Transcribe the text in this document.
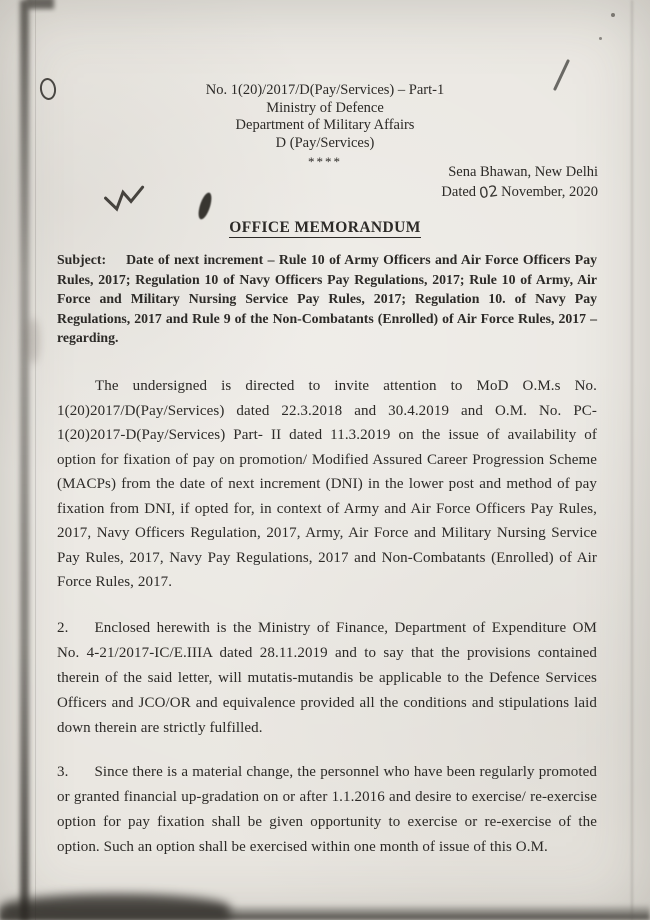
No. 1(20)/2017/D(Pay/Services) – Part-1
Ministry of Defence
Department of Military Affairs
D (Pay/Services)
****
Sena Bhawan, New Delhi
Dated 02 November, 2020
OFFICE MEMORANDUM

Subject: Date of next increment – Rule 10 of Army Officers and Air Force Officers Pay Rules, 2017; Regulation 10 of Navy Officers Pay Regulations, 2017; Rule 10 of Army, Air Force and Military Nursing Service Pay Rules, 2017; Regulation 10. of Navy Pay Regulations, 2017 and Rule 9 of the Non-Combatants (Enrolled) of Air Force Rules, 2017 – regarding.

The undersigned is directed to invite attention to MoD O.M.s No. 1(20)2017/D(Pay/Services) dated 22.3.2018 and 30.4.2019 and O.M. No. PC-1(20)2017-D(Pay/Services) Part- II dated 11.3.2019 on the issue of availability of option for fixation of pay on promotion/ Modified Assured Career Progression Scheme (MACPs) from the date of next increment (DNI) in the lower post and method of pay fixation from DNI, if opted for, in context of Army and Air Force Officers Pay Rules, 2017, Navy Officers Regulation, 2017, Army, Air Force and Military Nursing Service Pay Rules, 2017, Navy Pay Regulations, 2017 and Non-Combatants (Enrolled) of Air Force Rules, 2017.

2. Enclosed herewith is the Ministry of Finance, Department of Expenditure OM No. 4-21/2017-IC/E.IIIA dated 28.11.2019 and to say that the provisions contained therein of the said letter, will mutatis-mutandis be applicable to the Defence Services Officers and JCO/OR and equivalence provided all the conditions and stipulations laid down therein are strictly fulfilled.

3. Since there is a material change, the personnel who have been regularly promoted or granted financial up-gradation on or after 1.1.2016 and desire to exercise/ re-exercise option for pay fixation shall be given opportunity to exercise or re-exercise of the option. Such an option shall be exercised within one month of issue of this O.M.
